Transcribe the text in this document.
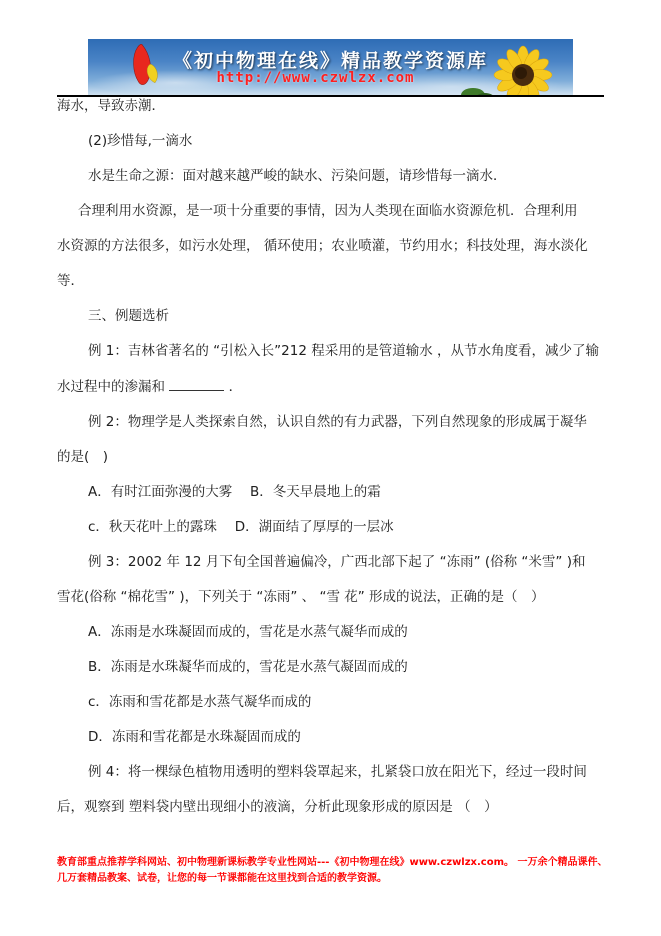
《初中物理在线》精品教学资源库
http://www.czwlzx.com
海水，导致赤潮．
(2)珍惜每,一滴水
水是生命之源：面对越来越严峻的缺水、污染问题，请珍惜每一滴水．
合理利用水资源，是一项十分重要的事情，因为人类现在面临水资源危机．合理利用
水资源的方法很多，如污水处理， 循环使用；农业喷灌，节约用水；科技处理，海水淡化
等．
三、例题选析
例 1：吉林省著名的 “引松入长”212 程采用的是管道输水 ，从节水角度看，减少了输
水过程中的渗漏和	．
例 2：物理学是人类探索自然，认识自然的有力武器，下列自然现象的形成属于凝华
的是(　)
A．有时江面弥漫的大雾　 B．冬天早晨地上的霜
c．秋天花叶上的露珠　 D．湖面结了厚厚的一层冰
例 3：2002 年 12 月下旬全国普遍偏冷，广西北部下起了 “冻雨” (俗称 “米雪” )和
雪花(俗称 “棉花雪” )，下列关于 “冻雨” 、 “雪 花” 形成的说法，正确的是（　）
A．冻雨是水珠凝固而成的，雪花是水蒸气凝华而成的
B．冻雨是水珠凝华而成的，雪花是水蒸气凝固而成的
c．冻雨和雪花都是水蒸气凝华而成的
D．冻雨和雪花都是水珠凝固而成的
例 4：将一棵绿色植物用透明的塑料袋罩起来，扎紧袋口放在阳光下，经过一段时间
后，观察到 塑料袋内壁出现细小的液滴，分析此现象形成的原因是 （　）
教育部重点推荐学科网站、初中物理新课标教学专业性网站---《初中物理在线》www.czwlzx.com。 一万余个精品课件、
几万套精品教案、试卷，让您的每一节课都能在这里找到合适的教学资源。
